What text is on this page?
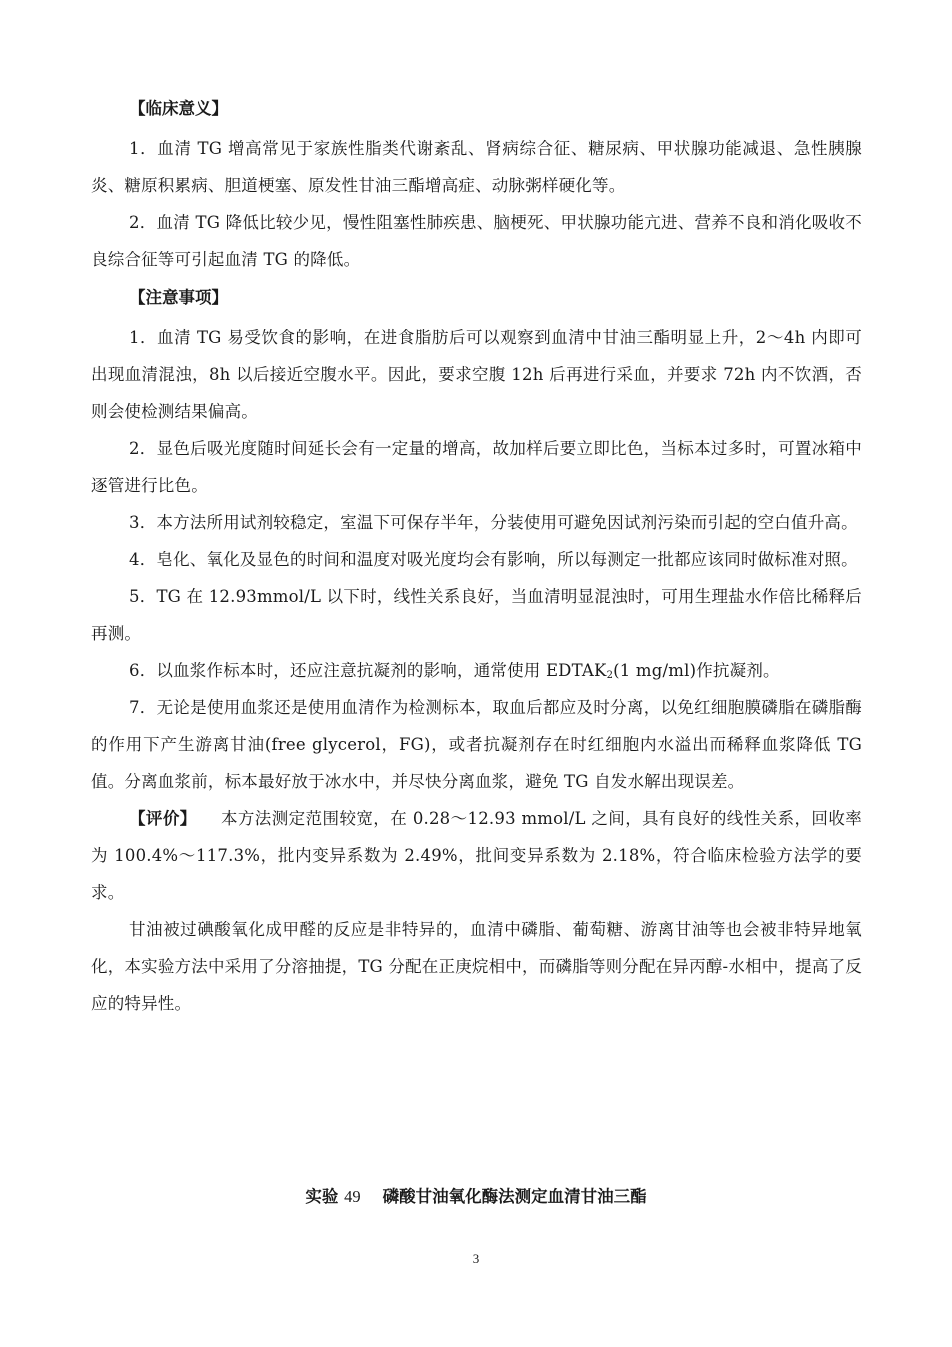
【临床意义】

1．血清 TG 增高常见于家族性脂类代谢紊乱、肾病综合征、糖尿病、甲状腺功能减退、急性胰腺炎、糖原积累病、胆道梗塞、原发性甘油三酯增高症、动脉粥样硬化等。

2．血清 TG 降低比较少见，慢性阻塞性肺疾患、脑梗死、甲状腺功能亢进、营养不良和消化吸收不良综合征等可引起血清 TG 的降低。

【注意事项】

1．血清 TG 易受饮食的影响，在进食脂肪后可以观察到血清中甘油三酯明显上升，2～4h 内即可出现血清混浊，8h 以后接近空腹水平。因此，要求空腹 12h 后再进行采血，并要求 72h 内不饮酒，否则会使检测结果偏高。

2．显色后吸光度随时间延长会有一定量的增高，故加样后要立即比色，当标本过多时，可置冰箱中逐管进行比色。

3．本方法所用试剂较稳定，室温下可保存半年，分装使用可避免因试剂污染而引起的空白值升高。

4．皂化、氧化及显色的时间和温度对吸光度均会有影响，所以每测定一批都应该同时做标准对照。

5．TG 在 12.93mmol/L 以下时，线性关系良好，当血清明显混浊时，可用生理盐水作倍比稀释后再测。

6．以血浆作标本时，还应注意抗凝剂的影响，通常使用 $EDTAK_2(1$ mg/ml)作抗凝剂。

7．无论是使用血浆还是使用血清作为检测标本，取血后都应及时分离，以免红细胞膜磷脂在磷脂酶的作用下产生游离甘油(free glycerol，FG)，或者抗凝剂存在时红细胞内水溢出而稀释血浆降低 TG 值。分离血浆前，标本最好放于冰水中，并尽快分离血浆，避免 TG 自发水解出现误差。

【评价】 本方法测定范围较宽，在 0.28～12.93 mmol/L 之间，具有良好的线性关系，回收率为 100.4%～117.3%，批内变异系数为 2.49%，批间变异系数为 2.18%，符合临床检验方法学的要求。

甘油被过碘酸氧化成甲醛的反应是非特异的，血清中磷脂、葡萄糖、游离甘油等也会被非特异地氧化，本实验方法中采用了分溶抽提，TG 分配在正庚烷相中，而磷脂等则分配在异丙醇-水相中，提高了反应的特异性。

实验 49 磷酸甘油氧化酶法测定血清甘油三酯
3
